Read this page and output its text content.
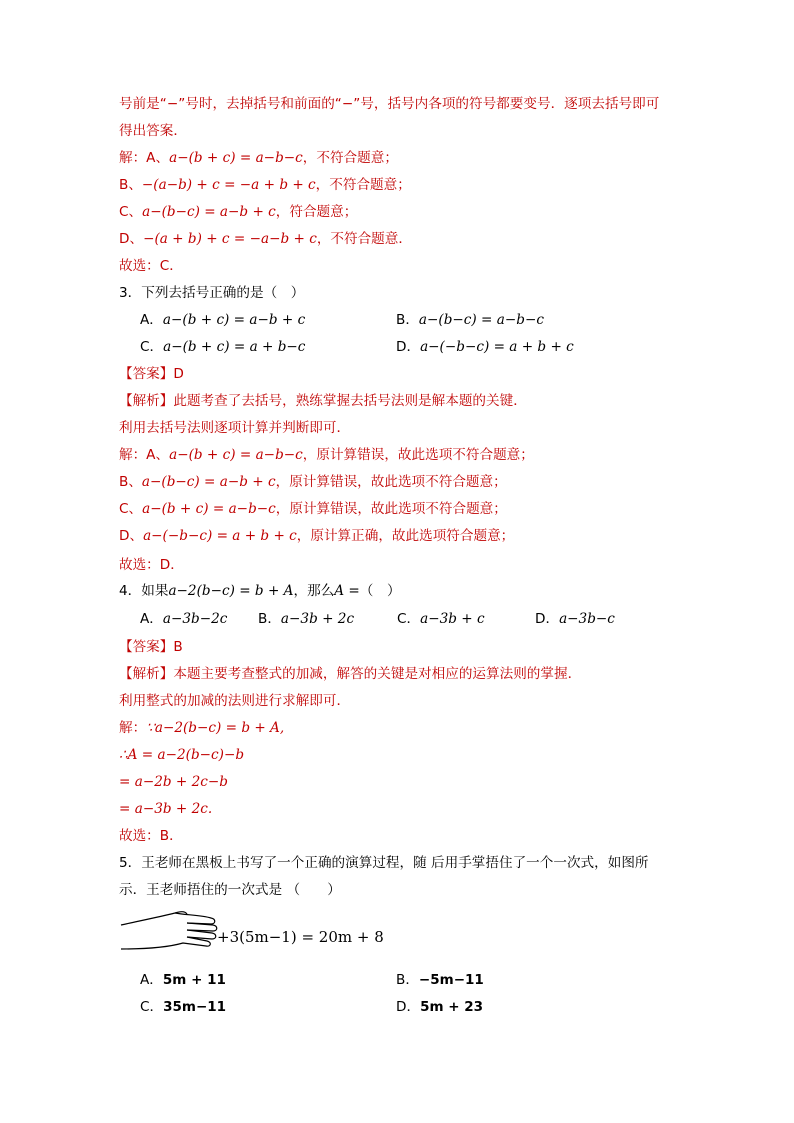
号前是“−”号时，去掉括号和前面的“−”号，括号内各项的符号都要变号．逐项去括号即可
得出答案．
解：A、a−(b + c) = a−b−c，不符合题意；
B、−(a−b) + c = −a + b + c，不符合题意；
C、a−(b−c) = a−b + c，符合题意；
D、−(a + b) + c = −a−b + c，不符合题意．
故选：C．
3．下列去括号正确的是（　）
A．a−(b + c) = a−b + c	B．a−(b−c) = a−b−c
C．a−(b + c) = a + b−c	D．a−(−b−c) = a + b + c
【答案】D
【解析】此题考查了去括号，熟练掌握去括号法则是解本题的关键．
利用去括号法则逐项计算并判断即可．
解：A、a−(b + c) = a−b−c，原计算错误，故此选项不符合题意；
B、a−(b−c) = a−b + c，原计算错误，故此选项不符合题意；
C、a−(b + c) = a−b−c，原计算错误，故此选项不符合题意；
D、a−(−b−c) = a + b + c，原计算正确，故此选项符合题意；
故选：D．
4．如果a−2(b−c) = b + A，那么A =（　）
A．a−3b−2c B．a−3b + 2c	C．a−3b + c	D．a−3b−c
【答案】B
【解析】本题主要考查整式的加减，解答的关键是对相应的运算法则的掌握．
利用整式的加减的法则进行求解即可．
解：∵a−2(b−c) = b + A,
∴A = a−2(b−c)−b
= a−2b + 2c−b
= a−3b + 2c.
故选：B．
5．王老师在黑板上书写了一个正确的演算过程，随 后用手掌捂住了一个一次式，如图所
示．王老师捂住的一次式是 （　　）
+3(5m−1) = 20m + 8
A．5m + 11	B．−5m−11
C．35m−11	D．5m + 23
